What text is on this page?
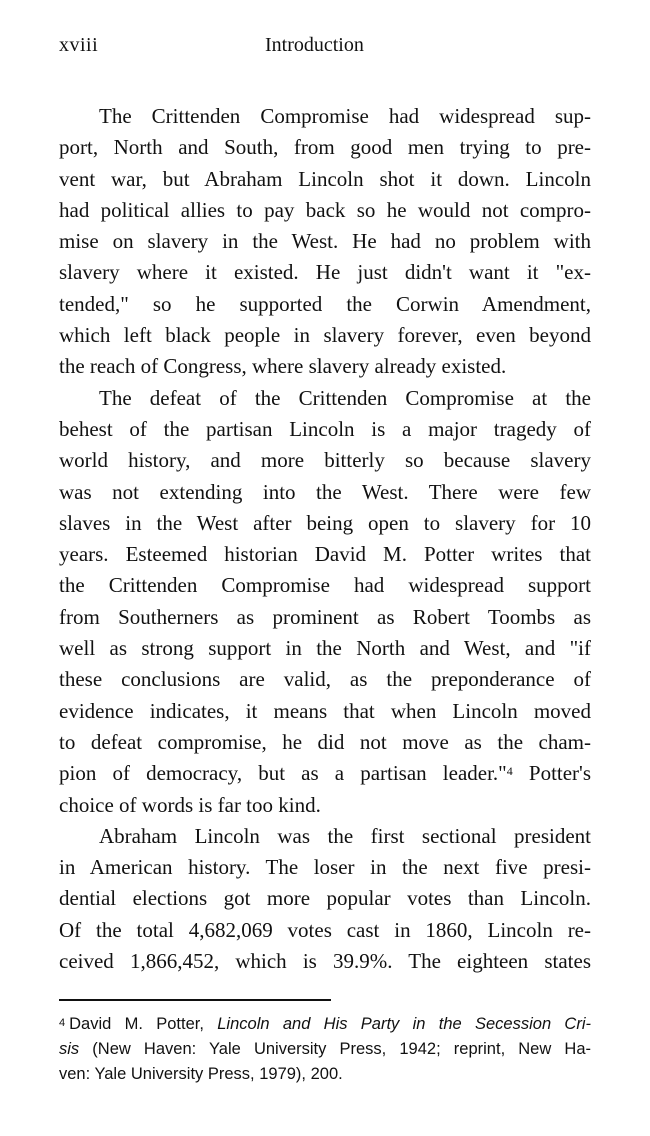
xviii	Introduction
The Crittenden Compromise had widespread sup-
port, North and South, from good men trying to pre-
vent war, but Abraham Lincoln shot it down. Lincoln
had political allies to pay back so he would not compro-
mise on slavery in the West. He had no problem with
slavery where it existed. He just didn't want it "ex-
tended," so he supported the Corwin Amendment,
which left black people in slavery forever, even beyond
the reach of Congress, where slavery already existed.
The defeat of the Crittenden Compromise at the
behest of the partisan Lincoln is a major tragedy of
world history, and more bitterly so because slavery
was not extending into the West. There were few
slaves in the West after being open to slavery for 10
years. Esteemed historian David M. Potter writes that
the Crittenden Compromise had widespread support
from Southerners as prominent as Robert Toombs as
well as strong support in the North and West, and "if
these conclusions are valid, as the preponderance of
evidence indicates, it means that when Lincoln moved
to defeat compromise, he did not move as the cham-
pion of democracy, but as a partisan leader."$^4$ Potter's
choice of words is far too kind.
Abraham Lincoln was the first sectional president
in American history. The loser in the next five presi-
dential elections got more popular votes than Lincoln.
Of the total 4,682,069 votes cast in 1860, Lincoln re-
ceived 1,866,452, which is 39.9%. The eighteen states
$^4$ David M. Potter, Lincoln and His Party in the Secession Cri-
sis (New Haven: Yale University Press, 1942; reprint, New Ha-
ven: Yale University Press, 1979), 200.
